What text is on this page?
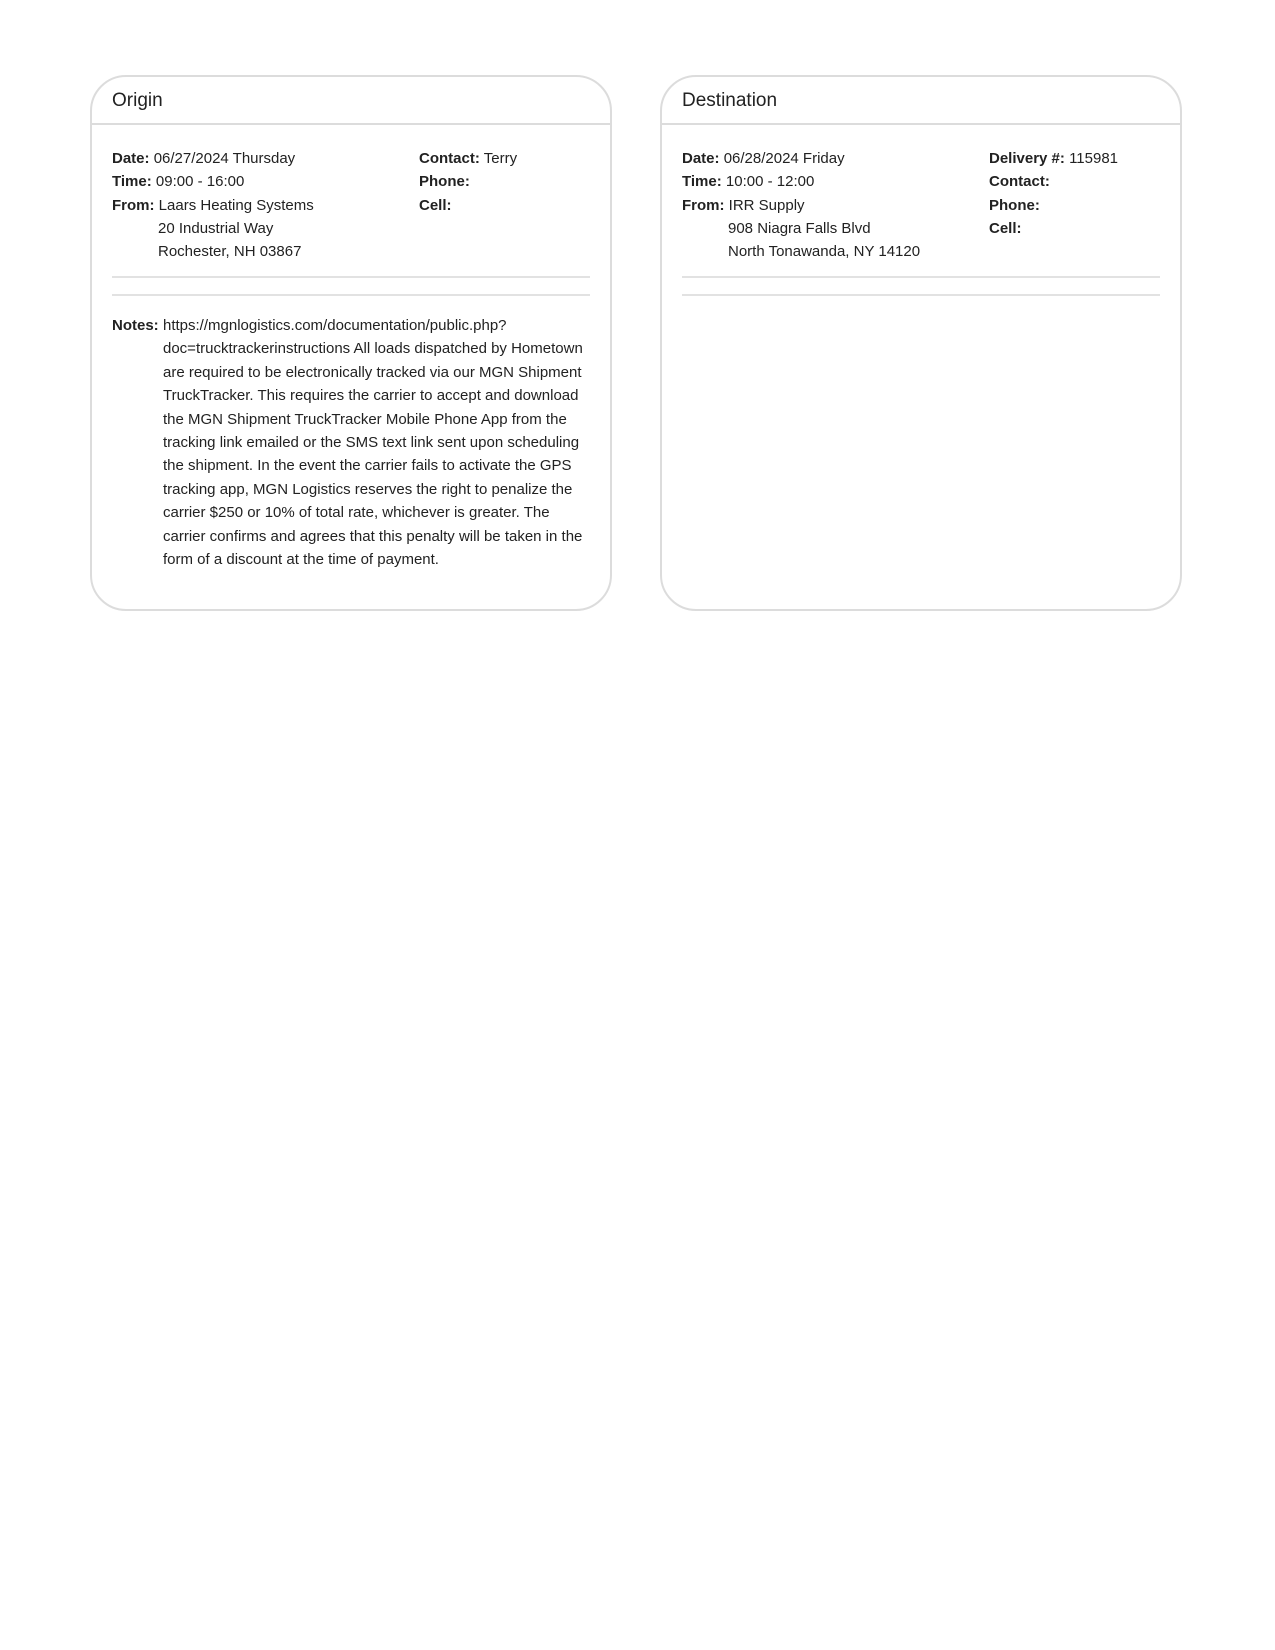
Origin
Date: 06/27/2024 Thursday
Time: 09:00 - 16:00
From: Laars Heating Systems
20 Industrial Way
Rochester, NH 03867
Contact: Terry
Phone:
Cell:
Notes: https://mgnlogistics.com/documentation/public.php?doc=trucktrackerinstructions All loads dispatched by Hometown are required to be electronically tracked via our MGN Shipment TruckTracker. This requires the carrier to accept and download the MGN Shipment TruckTracker Mobile Phone App from the tracking link emailed or the SMS text link sent upon scheduling the shipment. In the event the carrier fails to activate the GPS tracking app, MGN Logistics reserves the right to penalize the carrier $250 or 10% of total rate, whichever is greater. The carrier confirms and agrees that this penalty will be taken in the form of a discount at the time of payment.
Destination
Date: 06/28/2024 Friday
Time: 10:00 - 12:00
From: IRR Supply
908 Niagra Falls Blvd
North Tonawanda, NY 14120
Delivery #: 115981
Contact:
Phone:
Cell:
